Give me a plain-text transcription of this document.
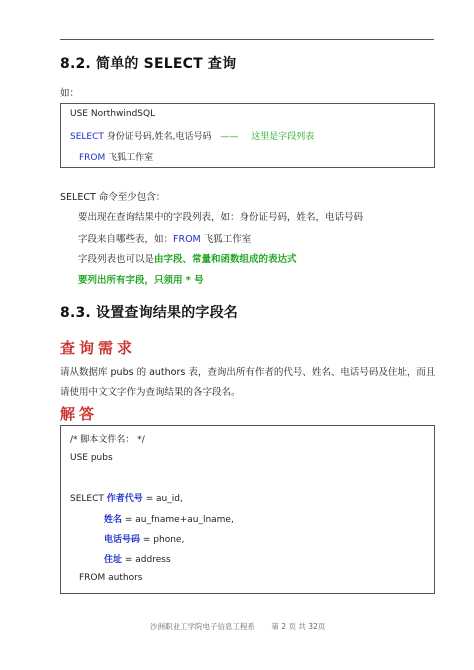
8.2. 简单的 SELECT 查询
如：
USE NorthwindSQL
SELECT 身份证号码,姓名,电话号码 —— 这里是字段列表
FROM 飞狐工作室
SELECT 命令至少包含：
要出现在查询结果中的字段列表，如：身份证号码，姓名，电话号码
字段来自哪些表，如：FROM 飞狐工作室
字段列表也可以是由字段、常量和函数组成的表达式
要列出所有字段，只须用 * 号
8.3. 设置查询结果的字段名
查询需求
请从数据库 pubs 的 authors 表，查询出所有作者的代号、姓名、电话号码及住址，而且
请使用中文文字作为查询结果的各字段名。
解答
/* 脚本文件名： */
USE pubs
SELECT 作者代号 = au_id,
姓名 = au_fname+au_lname,
电话号码 = phone,
住址 = address
FROM authors
沙洲职业工学院电子信息工程系 第 2 页 共 32页
